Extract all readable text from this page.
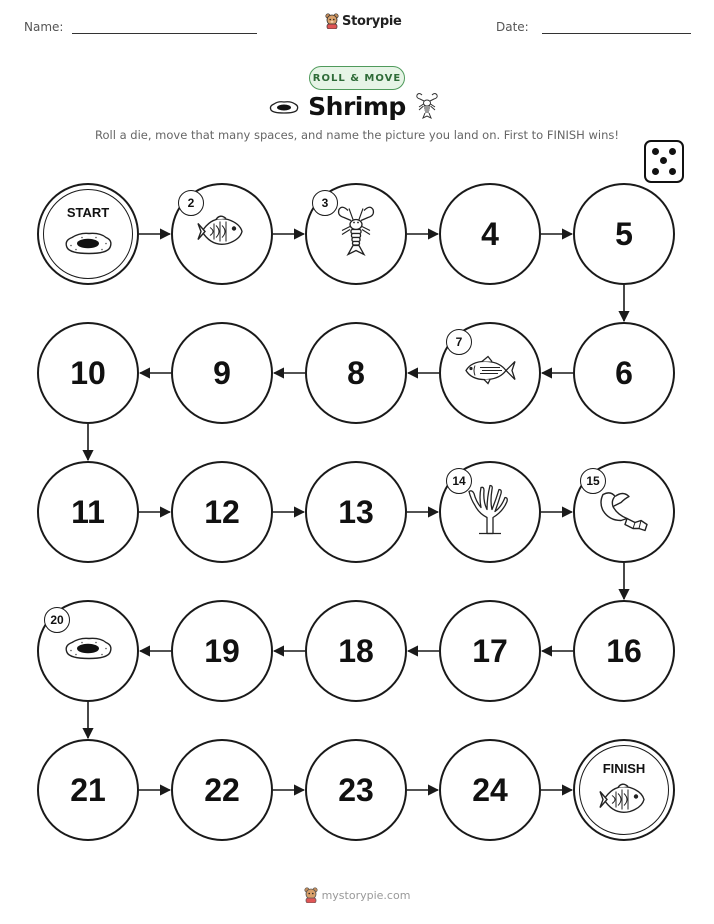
Name:	Storypie	Date:
ROLL & MOVE
Shrimp
Roll a die, move that many spaces, and name the picture you land on. First to FINISH wins!
START
2	3
4	5
6
7
8
9
10
11	12	13
14	15
16
17
18
19
20
21	22	23	24
FINISH
mystorypie.com
